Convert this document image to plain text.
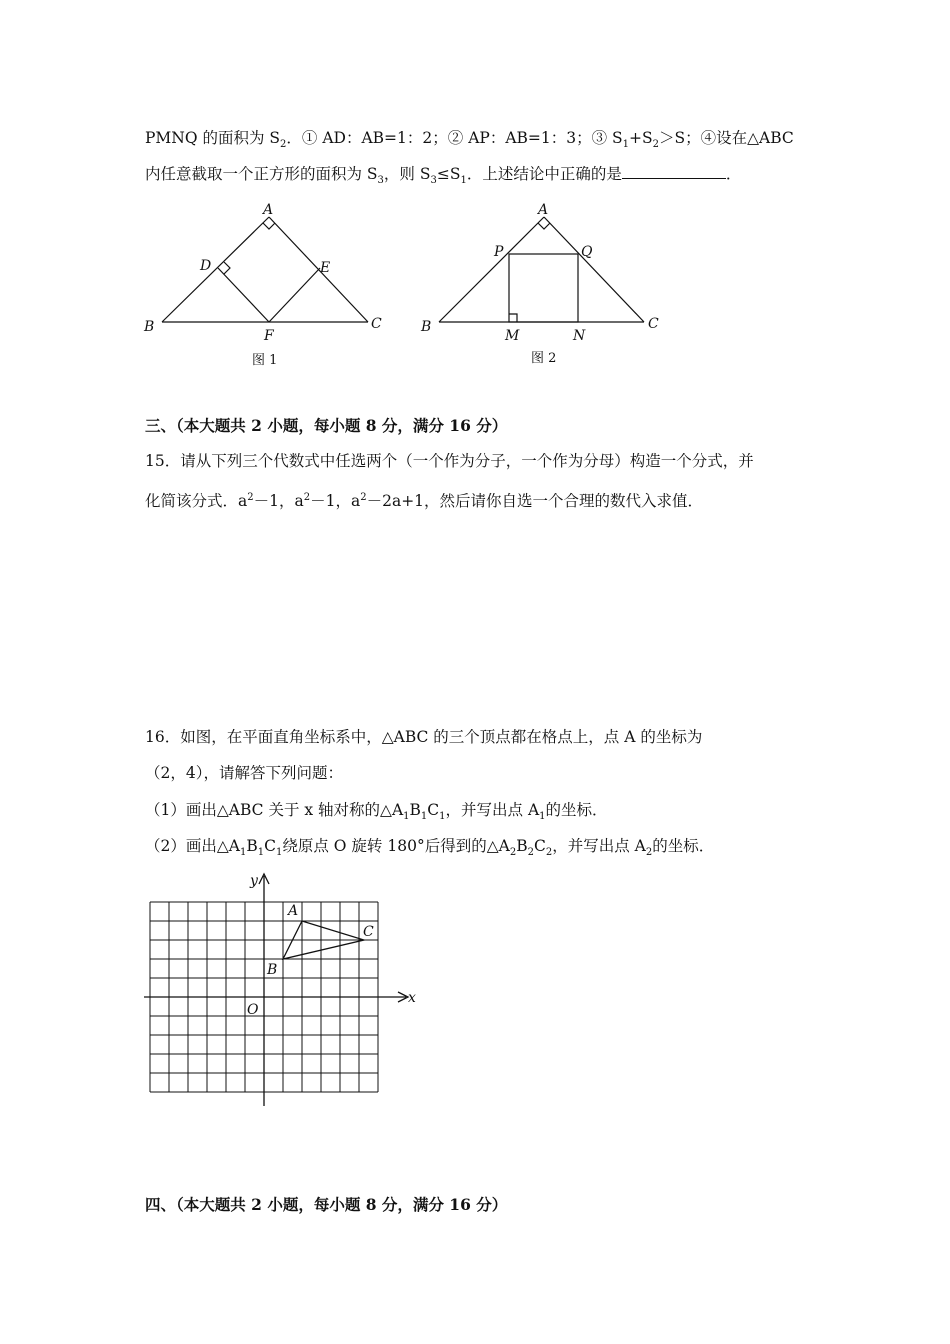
PMNQ 的面积为 $S_2$．① AD：AB=1：2；② AP：AB=1：3；③ $S_1+S_2>S$；④设在△ABC
内任意截取一个正方形的面积为 $S_3$，则 $S_3\le S_1$．上述结论中正确的是	．
A
D	E
B
F
C
图 1
A
P	Q
B
M	N
C
图 2
三、（本大题共 2 小题，每小题 8 分，满分 16 分）
15．请从下列三个代数式中任选两个（一个作为分子，一个作为分母）构造一个分式，并
化简该分式．$a^2-1$，$a^2-1$，$a^2-2a+1$，然后请你自选一个合理的数代入求值．
16．如图，在平面直角坐标系中，△ABC 的三个顶点都在格点上，点 A 的坐标为
（2，4），请解答下列问题：
（1）画出△ABC 关于 x 轴对称的$\triangle A_1B_1C_1$，并写出点 $A_1$的坐标．
（2）画出$\triangle A_1B_1C_1$绕原点 O 旋转 180°后得到的$\triangle A_2B_2C_2$，并写出点 $A_2$的坐标．
y
x
O
A
B
C
四、（本大题共 2 小题，每小题 8 分，满分 16 分）
